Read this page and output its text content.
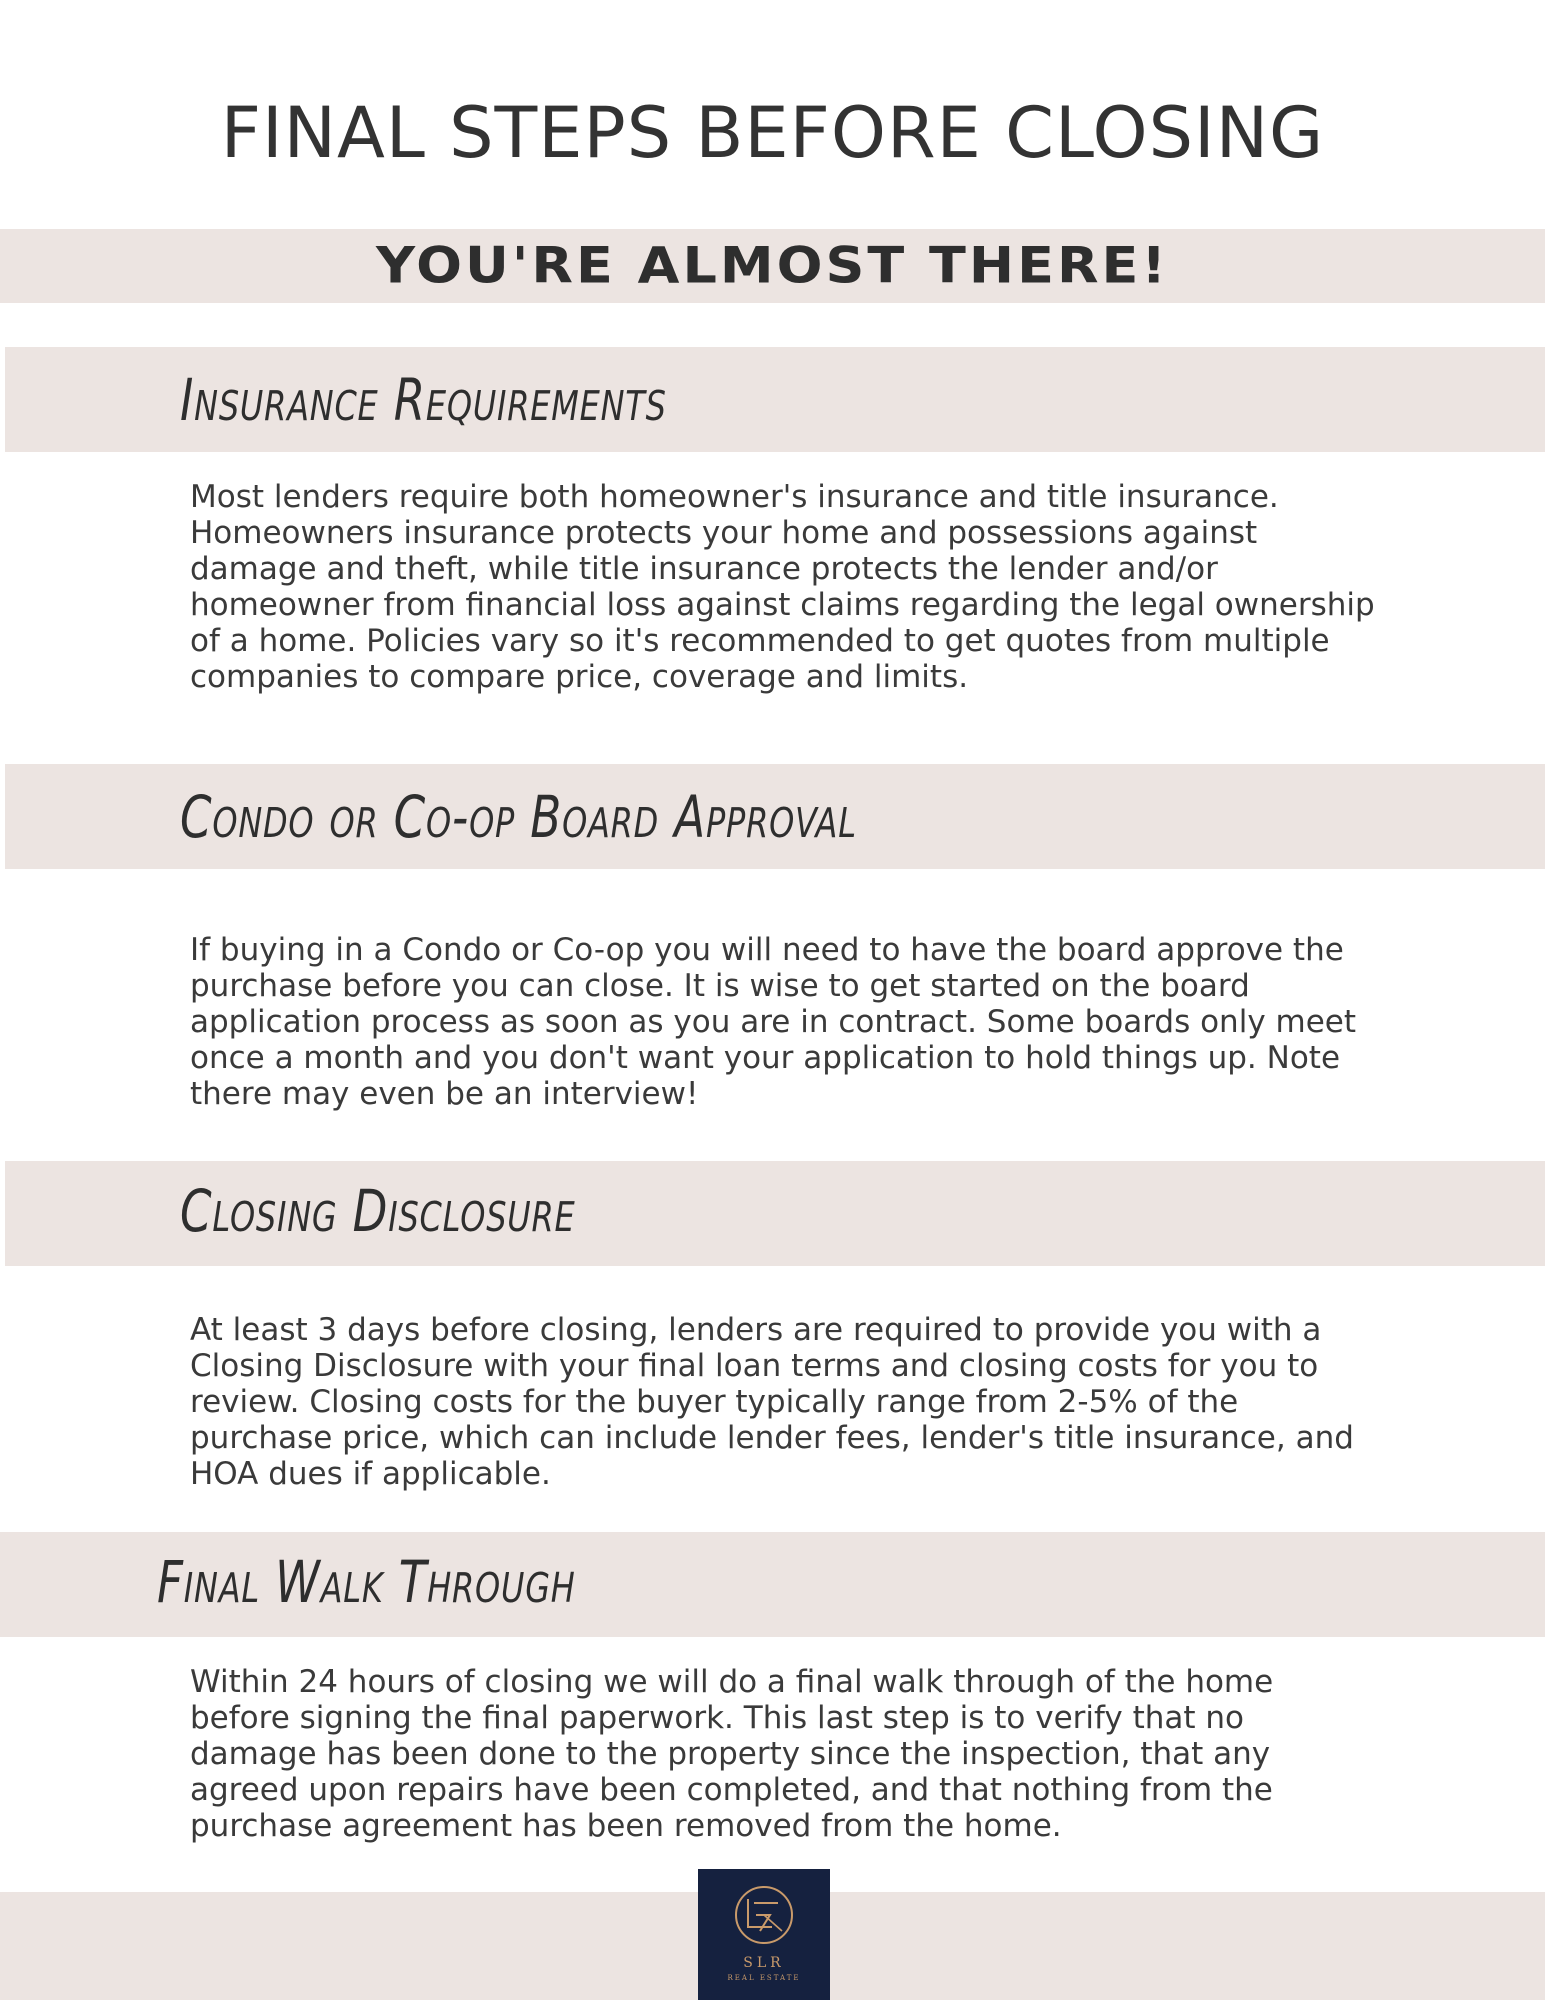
FINAL STEPS BEFORE CLOSING
YOU'RE ALMOST THERE!
Insurance Requirements

Most lenders require both homeowner's insurance and title insurance. Homeowners insurance protects your home and possessions against damage and theft, while title insurance protects the lender and/or homeowner from financial loss against claims regarding the legal ownership of a home. Policies vary so it's recommended to get quotes from multiple companies to compare price, coverage and limits.

Condo or Co-op Board Approval

If buying in a Condo or Co-op you will need to have the board approve the purchase before you can close. It is wise to get started on the board application process as soon as you are in contract. Some boards only meet once a month and you don't want your application to hold things up. Note there may even be an interview!

Closing Disclosure

At least 3 days before closing, lenders are required to provide you with a Closing Disclosure with your final loan terms and closing costs for you to review. Closing costs for the buyer typically range from 2-5% of the purchase price, which can include lender fees, lender's title insurance, and HOA dues if applicable.

Final Walk Through

Within 24 hours of closing we will do a final walk through of the home before signing the final paperwork. This last step is to verify that no damage has been done to the property since the inspection, that any agreed upon repairs have been completed, and that nothing from the purchase agreement has been removed from the home.

SLR
REAL ESTATE
